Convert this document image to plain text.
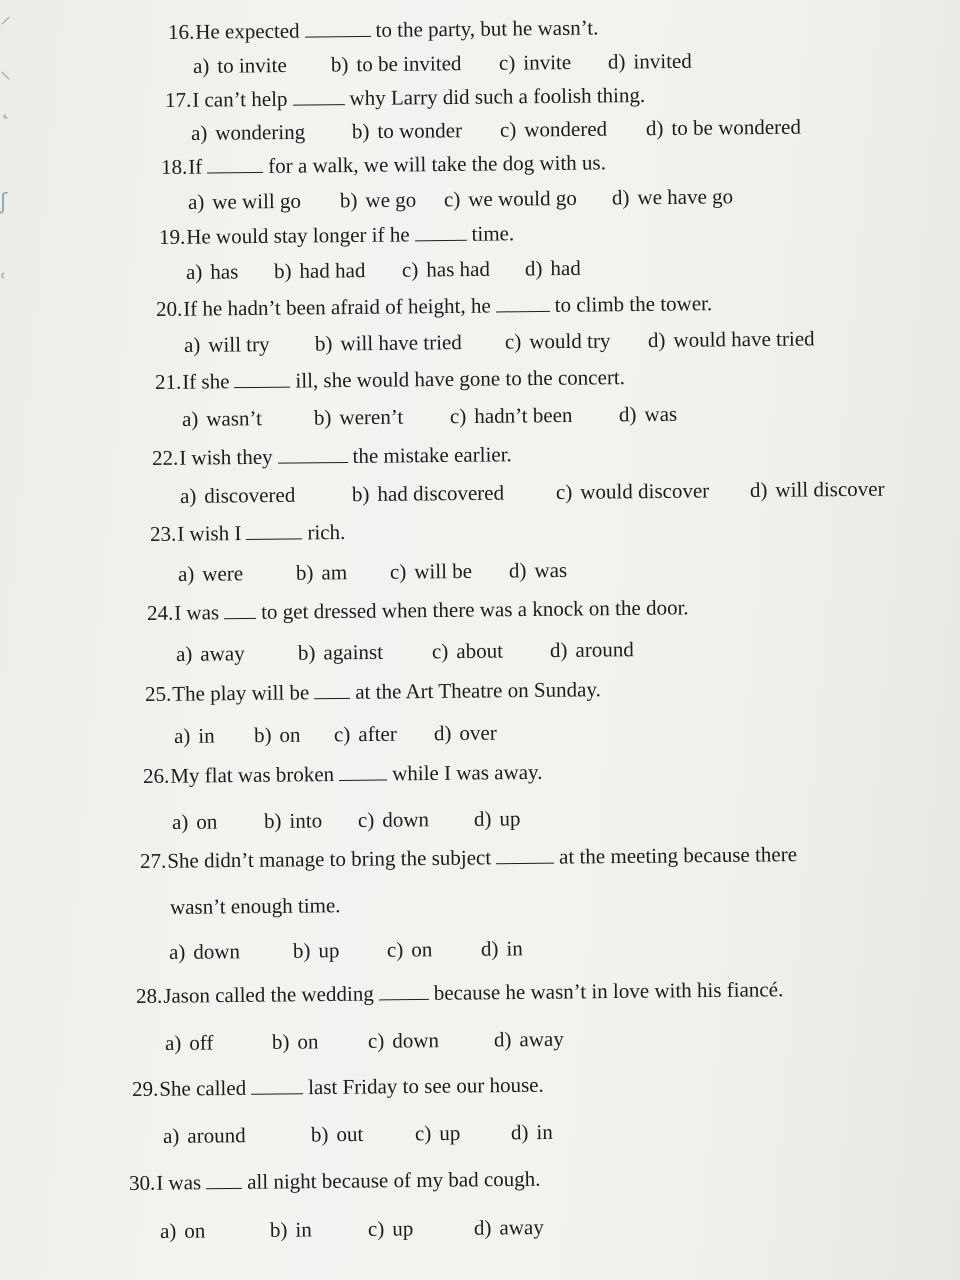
⸝
⸜
˛
ʃ
˓
16.He expected	to the party, but he wasn’t.
a) to invite b) to be invited c) invite d) invited
17.I can’t help	why Larry did such a foolish thing.
a) wondering b) to wonder c) wondered d) to be wondered
18.If	for a walk, we will take the dog with us.
a) we will go b) we go c) we would go d) we have go
19.He would stay longer if he	time.
a) has b) had had c) has had d) had
20.If he hadn’t been afraid of height, he	to climb the tower.
a) will try b) will have tried c) would try d) would have tried
21.If she	ill, she would have gone to the concert.
a) wasn’t b) weren’t c) hadn’t been d) was
22.I wish they	the mistake earlier.
a) discovered	b) had discovered c) would discover d) will discover
23.I wish I	rich.
a) were	b) am c) will be d) was
24.I was to get dressed when there was a knock on the door.
a) away	b) against c) about d) around
25.The play will be at the Art Theatre on Sunday.
a) in b) on c) after d) over
26.My flat was broken	while I was away.
a) on b) into c) down d) up
27.She didn’t manage to bring the subject	at the meeting because there
wasn’t enough time.
a) down	b) up c) on d) in
28.Jason called the wedding	because he wasn’t in love with his fiancé.
a) off	b) on c) down	d) away
29.She called	last Friday to see our house.
a) around	b) out c) up d) in
30.I was all night because of my bad cough.
a) on	b) in	c) up	d) away
